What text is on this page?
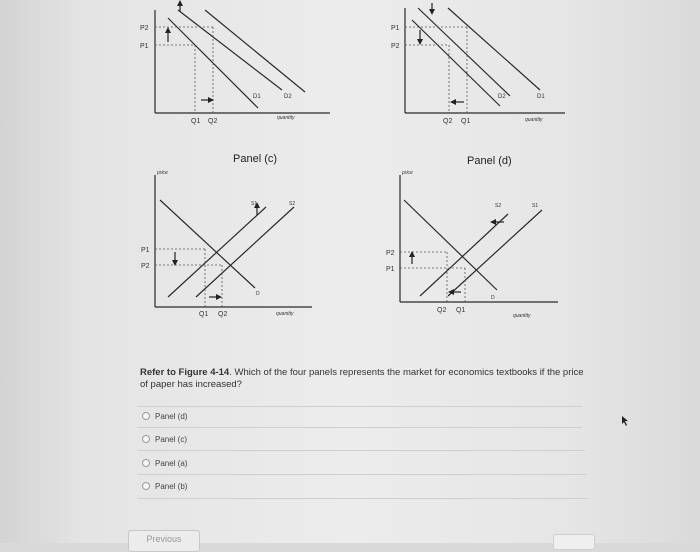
P2
P1
Q1 Q2
D1	D2
quantity
P1
P2
Q2 Q1
D2	D1
quantity
price
P1
P2
Q1 Q2
S1	S2
D
quantity
price
P2
P1
Q2 Q1
S2	S1
D
quantity
Panel (c)	Panel (d)
Refer to Figure 4-14. Which of the four panels represents the market for economics textbooks if the price of paper has increased?
Panel (d)
Panel (c)
Panel (a)
Panel (b)
Previous
